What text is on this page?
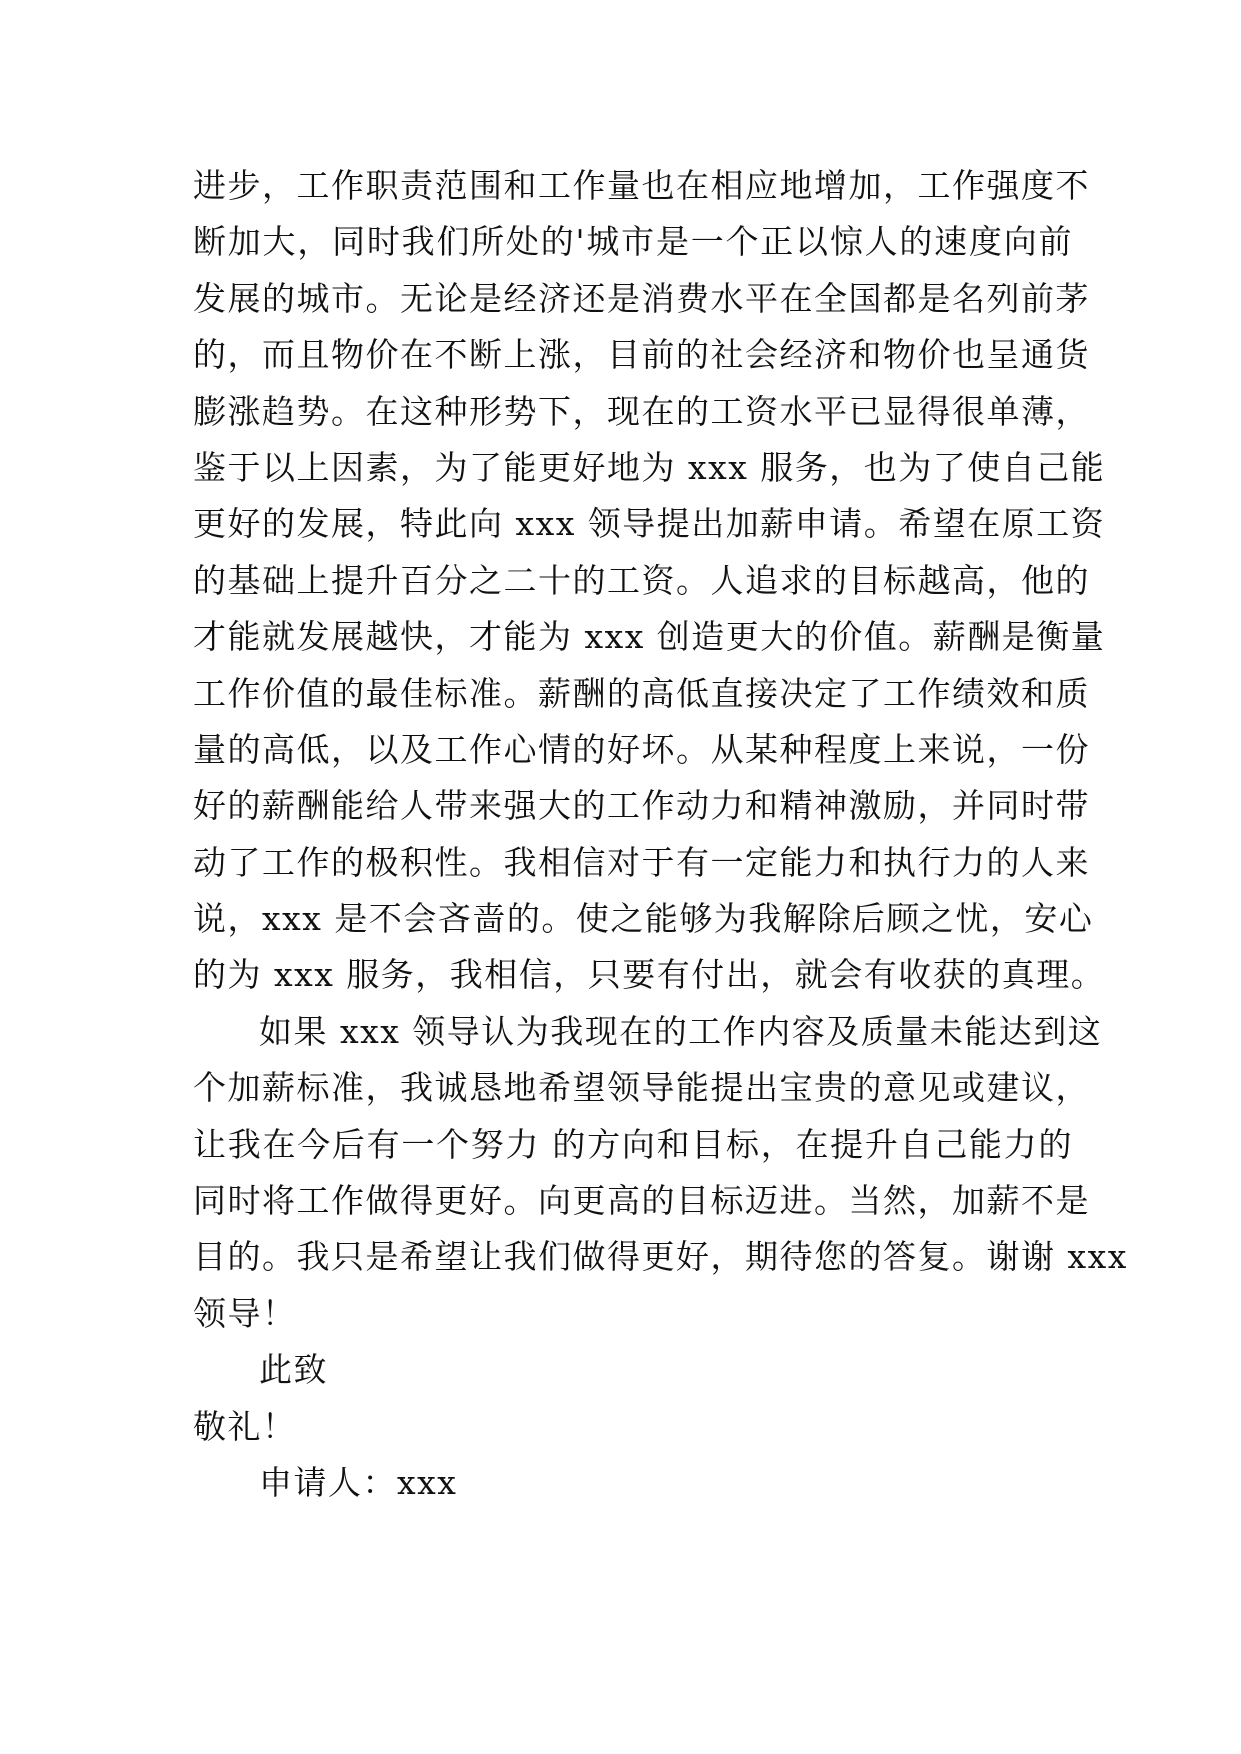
进步，工作职责范围和工作量也在相应地增加，工作强度不
断加大，同时我们所处的'城市是一个正以惊人的速度向前
发展的城市。无论是经济还是消费水平在全国都是名列前茅
的，而且物价在不断上涨，目前的社会经济和物价也呈通货
膨涨趋势。在这种形势下，现在的工资水平已显得很单薄，
鉴于以上因素，为了能更好地为 xxx 服务，也为了使自己能
更好的发展，特此向 xxx 领导提出加薪申请。希望在原工资
的基础上提升百分之二十的工资。人追求的目标越高，他的
才能就发展越快，才能为 xxx 创造更大的价值。薪酬是衡量
工作价值的最佳标准。薪酬的高低直接决定了工作绩效和质
量的高低，以及工作心情的好坏。从某种程度上来说，一份
好的薪酬能给人带来强大的工作动力和精神激励，并同时带
动了工作的极积性。我相信对于有一定能力和执行力的人来
说，xxx 是不会吝啬的。使之能够为我解除后顾之忧，安心
的为 xxx 服务，我相信，只要有付出，就会有收获的真理。
如果 xxx 领导认为我现在的工作内容及质量未能达到这
个加薪标准，我诚恳地希望领导能提出宝贵的意见或建议，
让我在今后有一个努力 的方向和目标，在提升自己能力的
同时将工作做得更好。向更高的目标迈进。当然，加薪不是
目的。我只是希望让我们做得更好，期待您的答复。谢谢 xxx
领导！
此致
敬礼！
申请人：xxx
